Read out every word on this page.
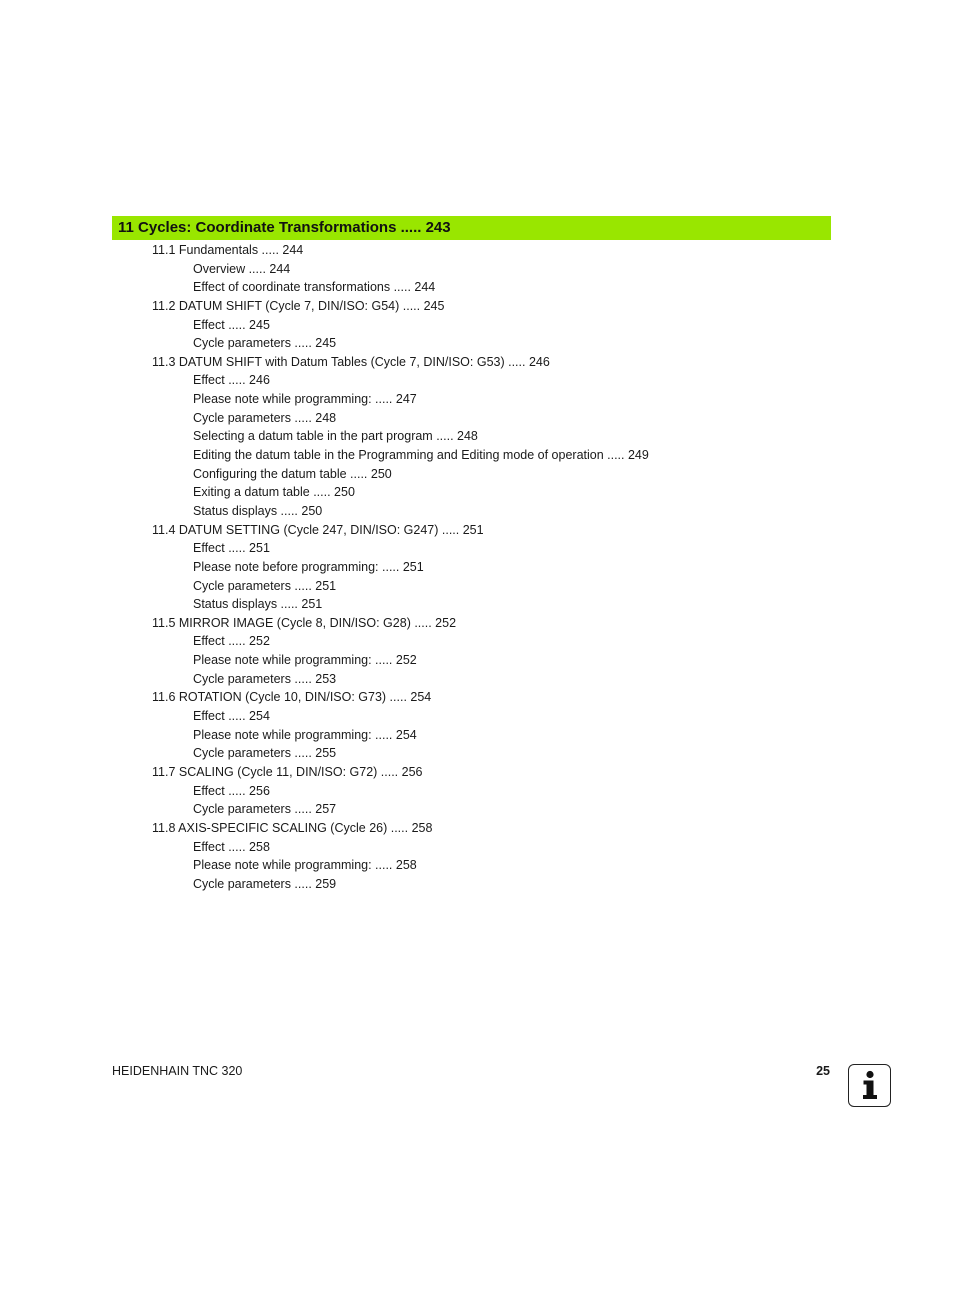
11 Cycles: Coordinate Transformations ..... 243
11.1 Fundamentals ..... 244
Overview ..... 244
Effect of coordinate transformations ..... 244
11.2 DATUM SHIFT (Cycle 7, DIN/ISO: G54) ..... 245
Effect ..... 245
Cycle parameters ..... 245
11.3 DATUM SHIFT with Datum Tables (Cycle 7, DIN/ISO: G53) ..... 246
Effect ..... 246
Please note while programming: ..... 247
Cycle parameters ..... 248
Selecting a datum table in the part program ..... 248
Editing the datum table in the Programming and Editing mode of operation ..... 249
Configuring the datum table ..... 250
Exiting a datum table ..... 250
Status displays ..... 250
11.4 DATUM SETTING (Cycle 247, DIN/ISO: G247) ..... 251
Effect ..... 251
Please note before programming: ..... 251
Cycle parameters ..... 251
Status displays ..... 251
11.5 MIRROR IMAGE (Cycle 8, DIN/ISO: G28) ..... 252
Effect ..... 252
Please note while programming: ..... 252
Cycle parameters ..... 253
11.6 ROTATION (Cycle 10, DIN/ISO: G73) ..... 254
Effect ..... 254
Please note while programming: ..... 254
Cycle parameters ..... 255
11.7 SCALING (Cycle 11, DIN/ISO: G72) ..... 256
Effect ..... 256
Cycle parameters ..... 257
11.8 AXIS-SPECIFIC SCALING (Cycle 26) ..... 258
Effect ..... 258
Please note while programming: ..... 258
Cycle parameters ..... 259
HEIDENHAIN TNC 320	25
